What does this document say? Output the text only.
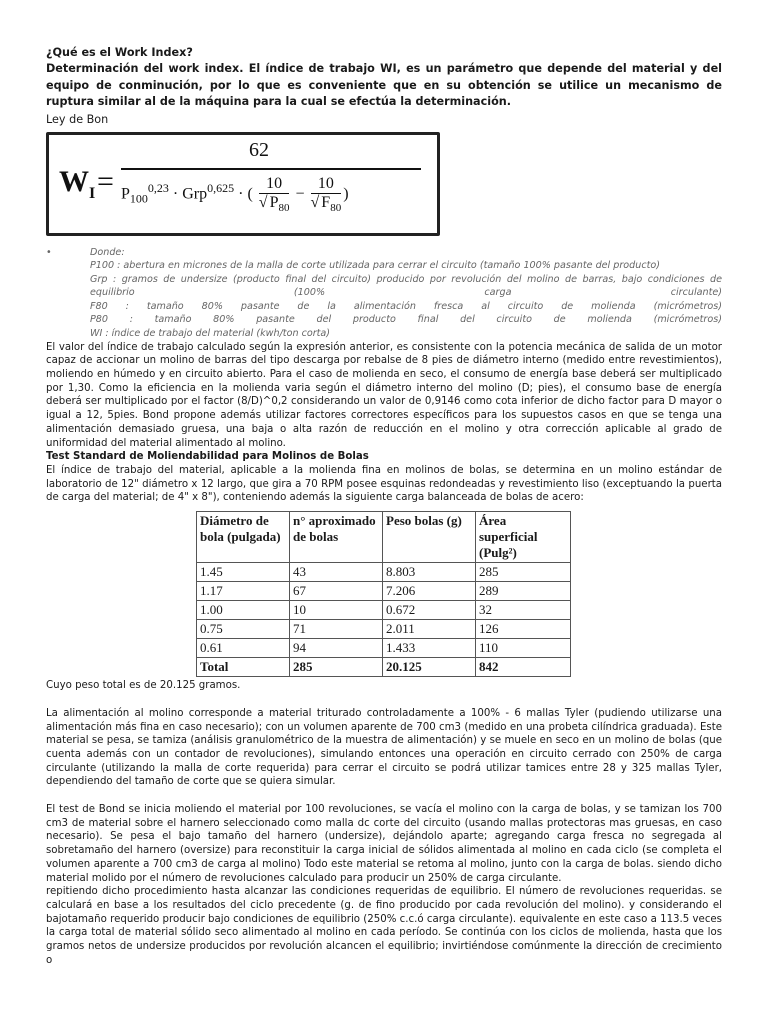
¿Qué es el Work Index?

Determinación del work index. El índice de trabajo WI, es un parámetro que depende del material y del equipo de conminución, por lo que es conveniente que en su obtención se utilice un mecanismo de ruptura similar al de la máquina para la cual se efectúa la determinación.

Ley de Bon

$W_I$ =
62
$P_{100}^{0,23} \cdot Grp^{0,625}$ · ( $\frac{10}{√ P_{80}} - \frac{10}{√ F_{80}}$ )
•	Donde:

P100 : abertura en micrones de la malla de corte utilizada para cerrar el circuito (tamaño 100% pasante del producto)

Grp : gramos de undersize (producto final del circuito) producido por revolución del molino de barras, bajo condiciones de equilibrio (100% carga circulante)

F80 : tamaño 80% pasante de la alimentación fresca al circuito de molienda (micrómetros)

P80 : tamaño 80% pasante del producto final del circuito de molienda (micrómetros)

WI : índice de trabajo del material (kwh/ton corta)

El valor del índice de trabajo calculado según la expresión anterior, es consistente con la potencia mecánica de salida de un motor capaz de accionar un molino de barras del tipo descarga por rebalse de 8 pies de diámetro interno (medido entre revestimientos), moliendo en húmedo y en circuito abierto. Para el caso de molienda en seco, el consumo de energía base deberá ser multiplicado por 1,30. Como la eficiencia en la molienda varia según el diámetro interno del molino (D; pies), el consumo base de energía deberá ser multiplicado por el factor (8/D)^0,2 considerando un valor de 0,9146 como cota inferior de dicho factor para D mayor o igual a 12, 5pies. Bond propone además utilizar factores correctores específicos para los supuestos casos en que se tenga una alimentación demasiado gruesa, una baja o alta razón de reducción en el molino y otra corrección aplicable al grado de uniformidad del material alimentado al molino.

Test Standard de Moliendabilidad para Molinos de Bolas

El índice de trabajo del material, aplicable a la molienda fina en molinos de bolas, se determina en un molino estándar de laboratorio de 12" diámetro x 12 largo, que gira a 70 RPM posee esquinas redondeadas y revestimiento liso (exceptuando la puerta de carga del material; de 4" x 8"), conteniendo además la siguiente carga balanceada de bolas de acero:

Diámetro de bola (pulgada)	n° aproximado de bolas	Peso bolas (g)	Área superficial (Pulg²)
1.45	43	8.803	285
1.17	67	7.206	289
1.00	10	0.672	32
0.75	71	2.011	126
0.61	94	1.433	110
Total	285	20.125	842

Cuyo peso total es de 20.125 gramos.

La alimentación al molino corresponde a material triturado controladamente a 100% - 6 mallas Tyler (pudiendo utilizarse una alimentación más fina en caso necesario); con un volumen aparente de 700 cm3 (medido en una probeta cilíndrica graduada). Este material se pesa, se tamiza (análisis granulométrico de la muestra de alimentación) y se muele en seco en un molino de bolas (que cuenta además con un contador de revoluciones), simulando entonces una operación en circuito cerrado con 250% de carga circulante (utilizando la malla de corte requerida) para cerrar el circuito se podrá utilizar tamices entre 28 y 325 mallas Tyler, dependiendo del tamaño de corte que se quiera simular.

El test de Bond se inicia moliendo el material por 100 revoluciones, se vacía el molino con la carga de bolas, y se tamizan los 700 cm3 de material sobre el harnero seleccionado como malla dc corte del circuito (usando mallas protectoras mas gruesas, en caso necesario). Se pesa el bajo tamaño del harnero (undersize), dejándolo aparte; agregando carga fresca no segregada al sobretamaño del harnero (oversize) para reconstituir la carga inicial de sólidos alimentada al molino en cada ciclo (se completa el volumen aparente a 700 cm3 de carga al molino) Todo este material se retoma al molino, junto con la carga de bolas. siendo dicho material molido por el número de revoluciones calculado para producir un 250% de carga circulante.

repitiendo dicho procedimiento hasta alcanzar las condiciones requeridas de equilibrio. El número de revoluciones requeridas. se calculará en base a los resultados del ciclo precedente (g. de fino producido por cada revolución del molino). y considerando el bajotamaño requerido producir bajo condiciones de equilibrio (250% c.c.ó carga circulante). equivalente en este caso a 113.5 veces la carga total de material sólido seco alimentado al molino en cada período. Se continúa con los ciclos de molienda, hasta que los gramos netos de undersize producidos por revolución alcancen el equilibrio; invirtiéndose comúnmente la dirección de crecimiento o
